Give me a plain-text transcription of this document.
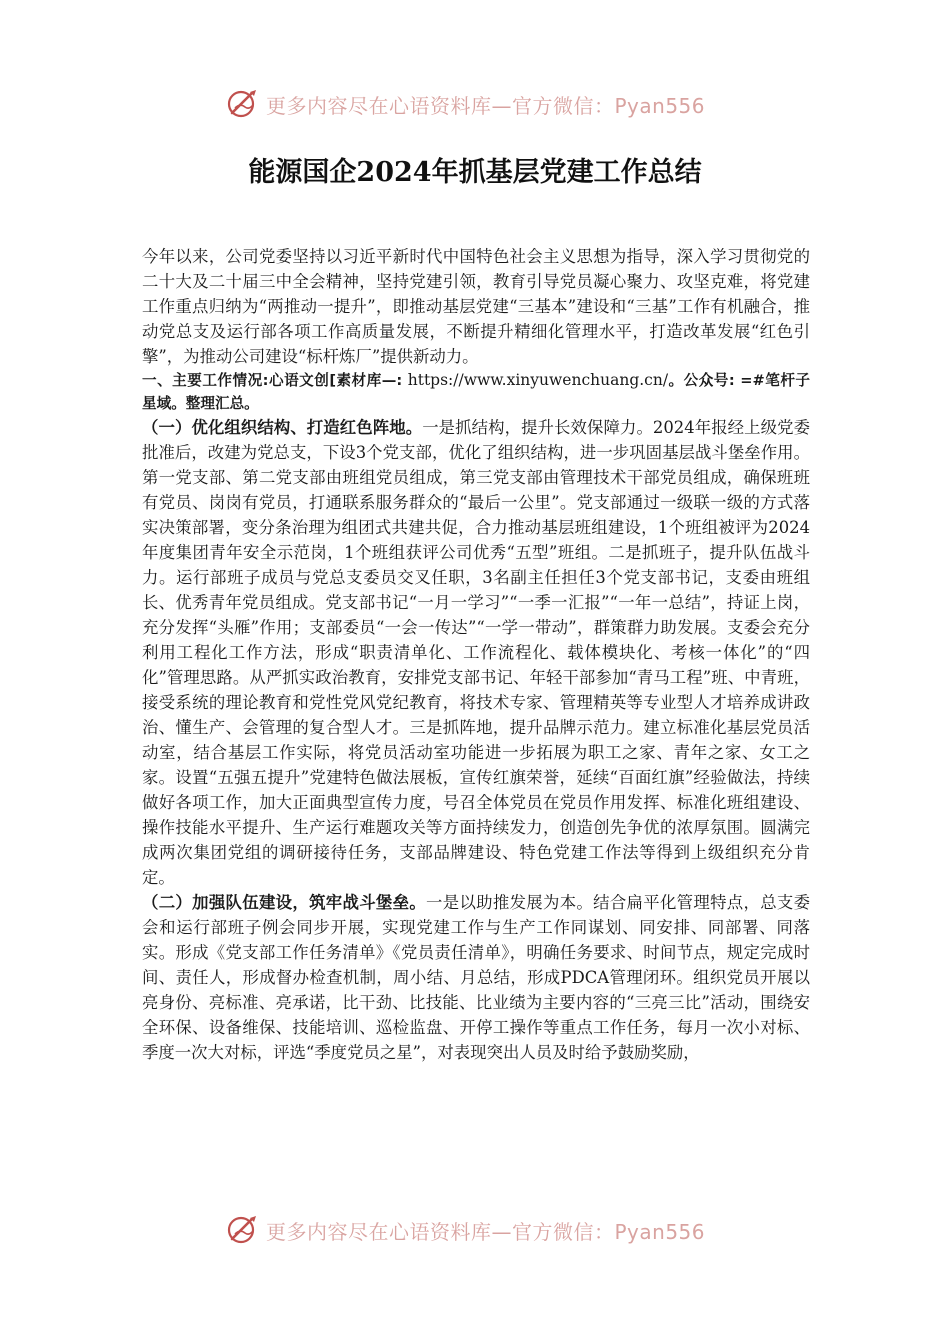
更多内容尽在心语资料库—官方微信：Pyan556
能源国企2024年抓基层党建工作总结

今年以来，公司党委坚持以习近平新时代中国特色社会主义思想为指导，深入学习贯彻党的二十大及二十届三中全会精神，坚持党建引领，教育引导党员凝心聚力、攻坚克难，将党建工作重点归纳为“两推动一提升”，即推动基层党建“三基本”建设和“三基”工作有机融合，推动党总支及运行部各项工作高质量发展，不断提升精细化管理水平，打造改革发展“红色引擎”，为推动公司建设“标杆炼厂”提供新动力。

一、主要工作情况:心语文创[素材库—: https://www.xinyuwenchuang.cn/。公众号: =#笔杆子星域。整理汇总。

（一）优化组织结构、打造红色阵地。一是抓结构，提升长效保障力。2024年报经上级党委批准后，改建为党总支，下设3个党支部，优化了组织结构，进一步巩固基层战斗堡垒作用。第一党支部、第二党支部由班组党员组成，第三党支部由管理技术干部党员组成，确保班班有党员、岗岗有党员，打通联系服务群众的“最后一公里”。党支部通过一级联一级的方式落实决策部署，变分条治理为组团式共建共促，合力推动基层班组建设，1个班组被评为2024年度集团青年安全示范岗，1个班组获评公司优秀“五型”班组。二是抓班子，提升队伍战斗力。运行部班子成员与党总支委员交叉任职，3名副主任担任3个党支部书记，支委由班组长、优秀青年党员组成。党支部书记“一月一学习”“一季一汇报”“一年一总结”，持证上岗，充分发挥“头雁”作用；支部委员“一会一传达”“一学一带动”，群策群力助发展。支委会充分利用工程化工作方法，形成“职责清单化、工作流程化、载体模块化、考核一体化”的“四化”管理思路。从严抓实政治教育，安排党支部书记、年轻干部参加“青马工程”班、中青班，接受系统的理论教育和党性党风党纪教育，将技术专家、管理精英等专业型人才培养成讲政治、懂生产、会管理的复合型人才。三是抓阵地，提升品牌示范力。建立标准化基层党员活动室，结合基层工作实际，将党员活动室功能进一步拓展为职工之家、青年之家、女工之家。设置“五强五提升”党建特色做法展板，宣传红旗荣誉，延续“百面红旗”经验做法，持续做好各项工作，加大正面典型宣传力度，号召全体党员在党员作用发挥、标准化班组建设、操作技能水平提升、生产运行难题攻关等方面持续发力，创造创先争优的浓厚氛围。圆满完成两次集团党组的调研接待任务，支部品牌建设、特色党建工作法等得到上级组织充分肯定。

（二）加强队伍建设，筑牢战斗堡垒。一是以助推发展为本。结合扁平化管理特点，总支委会和运行部班子例会同步开展，实现党建工作与生产工作同谋划、同安排、同部署、同落实。形成《党支部工作任务清单》《党员责任清单》，明确任务要求、时间节点，规定完成时间、责任人，形成督办检查机制，周小结、月总结，形成PDCA管理闭环。组织党员开展以亮身份、亮标准、亮承诺，比干劲、比技能、比业绩为主要内容的“三亮三比”活动，围绕安全环保、设备维保、技能培训、巡检监盘、开停工操作等重点工作任务，每月一次小对标、季度一次大对标，评选“季度党员之星”，对表现突出人员及时给予鼓励奖励，

更多内容尽在心语资料库—官方微信：Pyan556
